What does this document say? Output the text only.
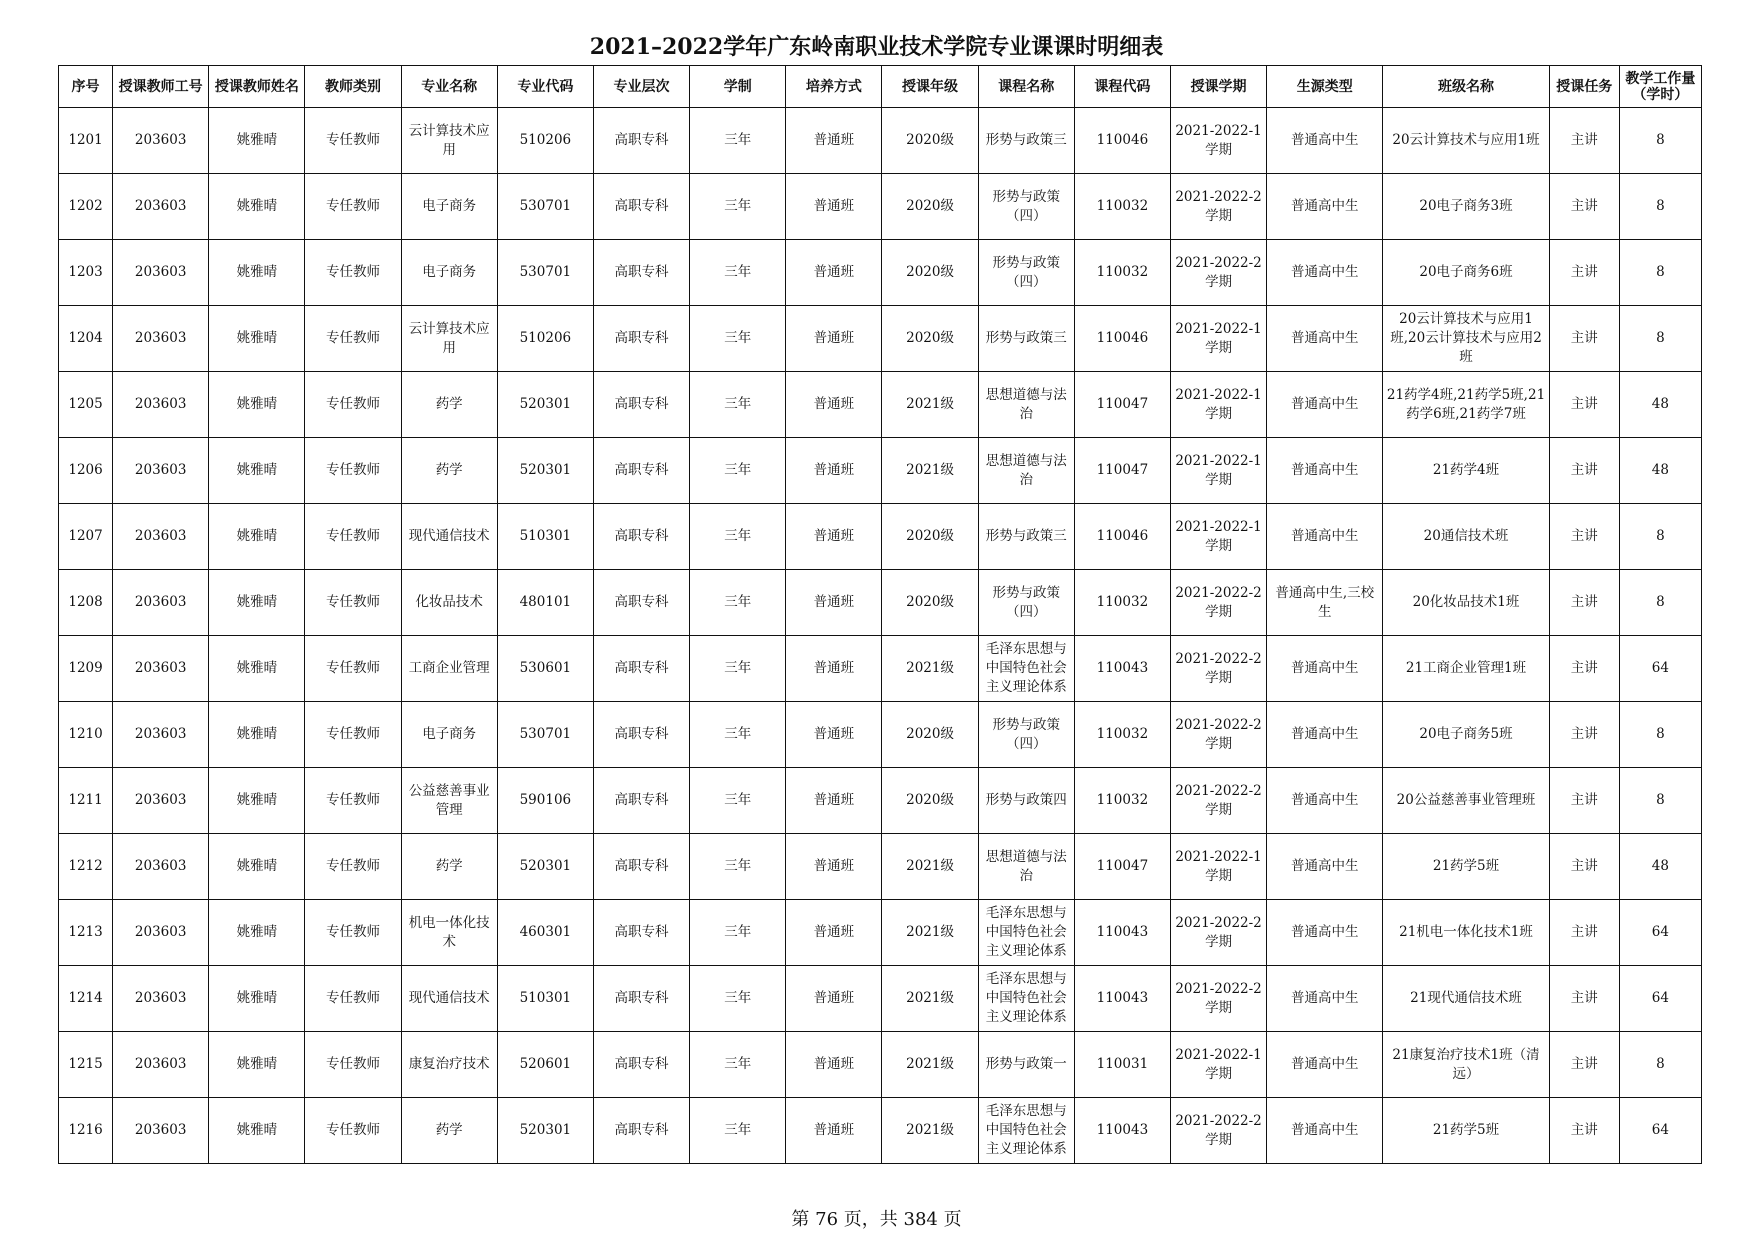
2021–2022学年广东岭南职业技术学院专业课课时明细表
序号	授课教师工号	授课教师姓名	教师类别	专业名称	专业代码	专业层次	学制	培养方式	授课年级	课程名称	课程代码	授课学期	生源类型	班级名称	授课任务	教学工作量（学时）

1201	203603	姚雅晴	专任教师	云计算技术应用	510206	高职专科	三年	普通班	2020级	形势与政策三	110046	2021-2022-1学期	普通高中生	20云计算技术与应用1班	主讲	8

1202	203603	姚雅晴	专任教师	电子商务	530701	高职专科	三年	普通班	2020级	形势与政策（四）	110032	2021-2022-2学期	普通高中生	20电子商务3班	主讲	8

1203	203603	姚雅晴	专任教师	电子商务	530701	高职专科	三年	普通班	2020级	形势与政策（四）	110032	2021-2022-2学期	普通高中生	20电子商务6班	主讲	8

1204	203603	姚雅晴	专任教师	云计算技术应用	510206	高职专科	三年	普通班	2020级	形势与政策三	110046	2021-2022-1学期	普通高中生	20云计算技术与应用1班,20云计算技术与应用2班	主讲	8

1205	203603	姚雅晴	专任教师	药学	520301	高职专科	三年	普通班	2021级	思想道德与法治	110047	2021-2022-1学期	普通高中生	21药学4班,21药学5班,21药学6班,21药学7班	主讲	48

1206	203603	姚雅晴	专任教师	药学	520301	高职专科	三年	普通班	2021级	思想道德与法治	110047	2021-2022-1学期	普通高中生	21药学4班	主讲	48

1207	203603	姚雅晴	专任教师	现代通信技术	510301	高职专科	三年	普通班	2020级	形势与政策三	110046	2021-2022-1学期	普通高中生	20通信技术班	主讲	8

1208	203603	姚雅晴	专任教师	化妆品技术	480101	高职专科	三年	普通班	2020级	形势与政策（四）	110032	2021-2022-2学期	普通高中生,三校生	20化妆品技术1班	主讲	8

1209	203603	姚雅晴	专任教师	工商企业管理	530601	高职专科	三年	普通班	2021级	毛泽东思想与中国特色社会主义理论体系	110043	2021-2022-2学期	普通高中生	21工商企业管理1班	主讲	64

1210	203603	姚雅晴	专任教师	电子商务	530701	高职专科	三年	普通班	2020级	形势与政策（四）	110032	2021-2022-2学期	普通高中生	20电子商务5班	主讲	8

1211	203603	姚雅晴	专任教师	公益慈善事业管理	590106	高职专科	三年	普通班	2020级	形势与政策四	110032	2021-2022-2学期	普通高中生	20公益慈善事业管理班	主讲	8

1212	203603	姚雅晴	专任教师	药学	520301	高职专科	三年	普通班	2021级	思想道德与法治	110047	2021-2022-1学期	普通高中生	21药学5班	主讲	48

1213	203603	姚雅晴	专任教师	机电一体化技术	460301	高职专科	三年	普通班	2021级	毛泽东思想与中国特色社会主义理论体系	110043	2021-2022-2学期	普通高中生	21机电一体化技术1班	主讲	64

1214	203603	姚雅晴	专任教师	现代通信技术	510301	高职专科	三年	普通班	2021级	毛泽东思想与中国特色社会主义理论体系	110043	2021-2022-2学期	普通高中生	21现代通信技术班	主讲	64

1215	203603	姚雅晴	专任教师	康复治疗技术	520601	高职专科	三年	普通班	2021级	形势与政策一	110031	2021-2022-1学期	普通高中生	21康复治疗技术1班（清远）	主讲	8

1216	203603	姚雅晴	专任教师	药学	520301	高职专科	三年	普通班	2021级	毛泽东思想与中国特色社会主义理论体系	110043	2021-2022-2学期	普通高中生	21药学5班	主讲	64
第 76 页，共 384 页
